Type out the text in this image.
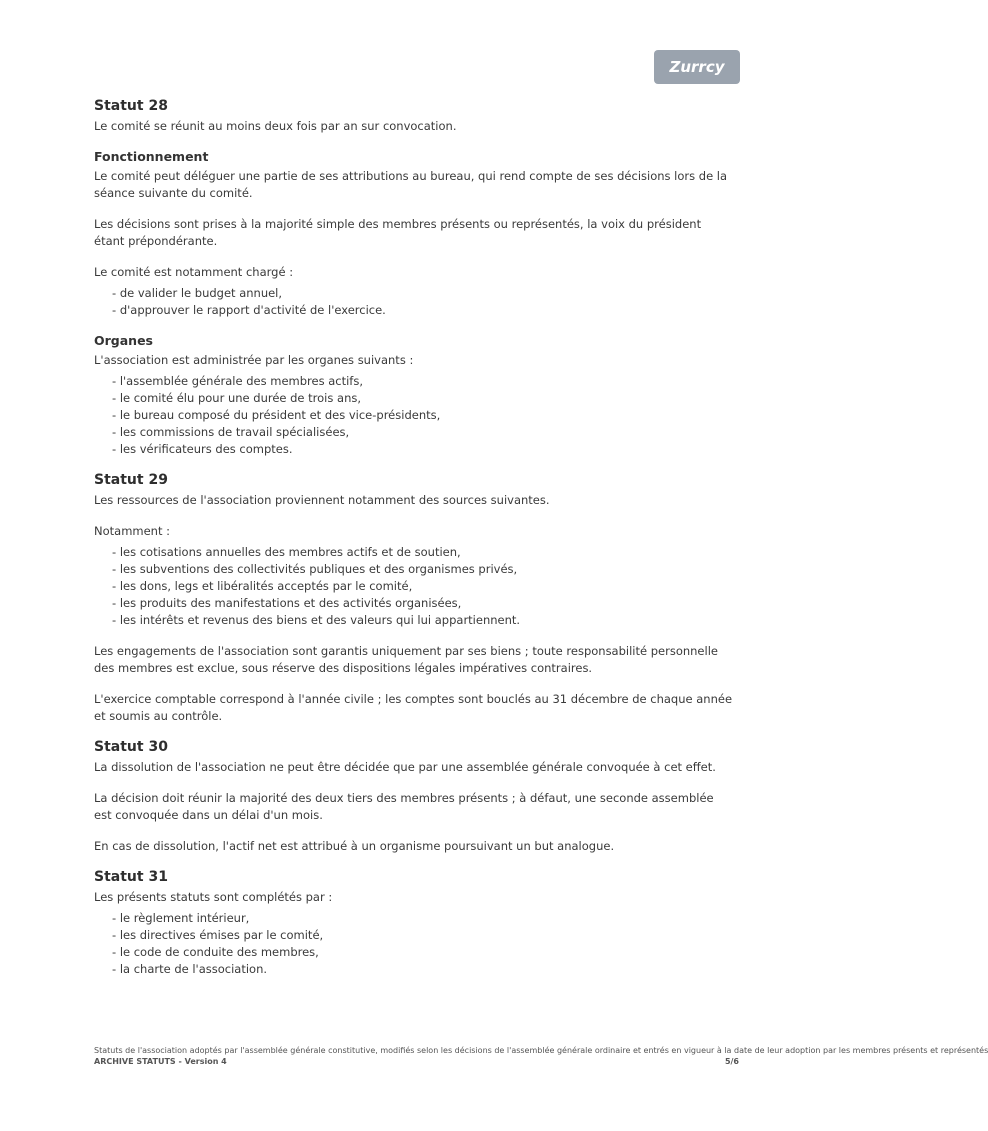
Zurrcy
Statut 28

Le comité se réunit au moins deux fois par an sur convocation.

Fonctionnement

Le comité peut déléguer une partie de ses attributions au bureau, qui rend compte de ses décisions lors de la séance suivante du comité.

Les décisions sont prises à la majorité simple des membres présents ou représentés, la voix du président étant prépondérante.

Le comité est notamment chargé :

- de valider le budget annuel,
- d'approuver le rapport d'activité de l'exercice.
Organes

L'association est administrée par les organes suivants :

- l'assemblée générale des membres actifs,
- le comité élu pour une durée de trois ans,
- le bureau composé du président et des vice-présidents,
- les commissions de travail spécialisées,
- les vérificateurs des comptes.
Statut 29

Les ressources de l'association proviennent notamment des sources suivantes.

Notamment :

- les cotisations annuelles des membres actifs et de soutien,
- les subventions des collectivités publiques et des organismes privés,
- les dons, legs et libéralités acceptés par le comité,
- les produits des manifestations et des activités organisées,
- les intérêts et revenus des biens et des valeurs qui lui appartiennent.

Les engagements de l'association sont garantis uniquement par ses biens ; toute responsabilité personnelle des membres est exclue, sous réserve des dispositions légales impératives contraires.

L'exercice comptable correspond à l'année civile ; les comptes sont bouclés au 31 décembre de chaque année et soumis au contrôle.

Statut 30

La dissolution de l'association ne peut être décidée que par une assemblée générale convoquée à cet effet.

La décision doit réunir la majorité des deux tiers des membres présents ; à défaut, une seconde assemblée est convoquée dans un délai d'un mois.

En cas de dissolution, l'actif net est attribué à un organisme poursuivant un but analogue.

Statut 31

Les présents statuts sont complétés par :

- le règlement intérieur,
- les directives émises par le comité,
- le code de conduite des membres,
- la charte de l'association.
Statuts de l'association adoptés par l'assemblée générale constitutive, modifiés selon les décisions de l'assemblée générale ordinaire et entrés en vigueur à la date de leur adoption par les membres présents et représentés
ARCHIVE STATUTS - Version 4	5/6
